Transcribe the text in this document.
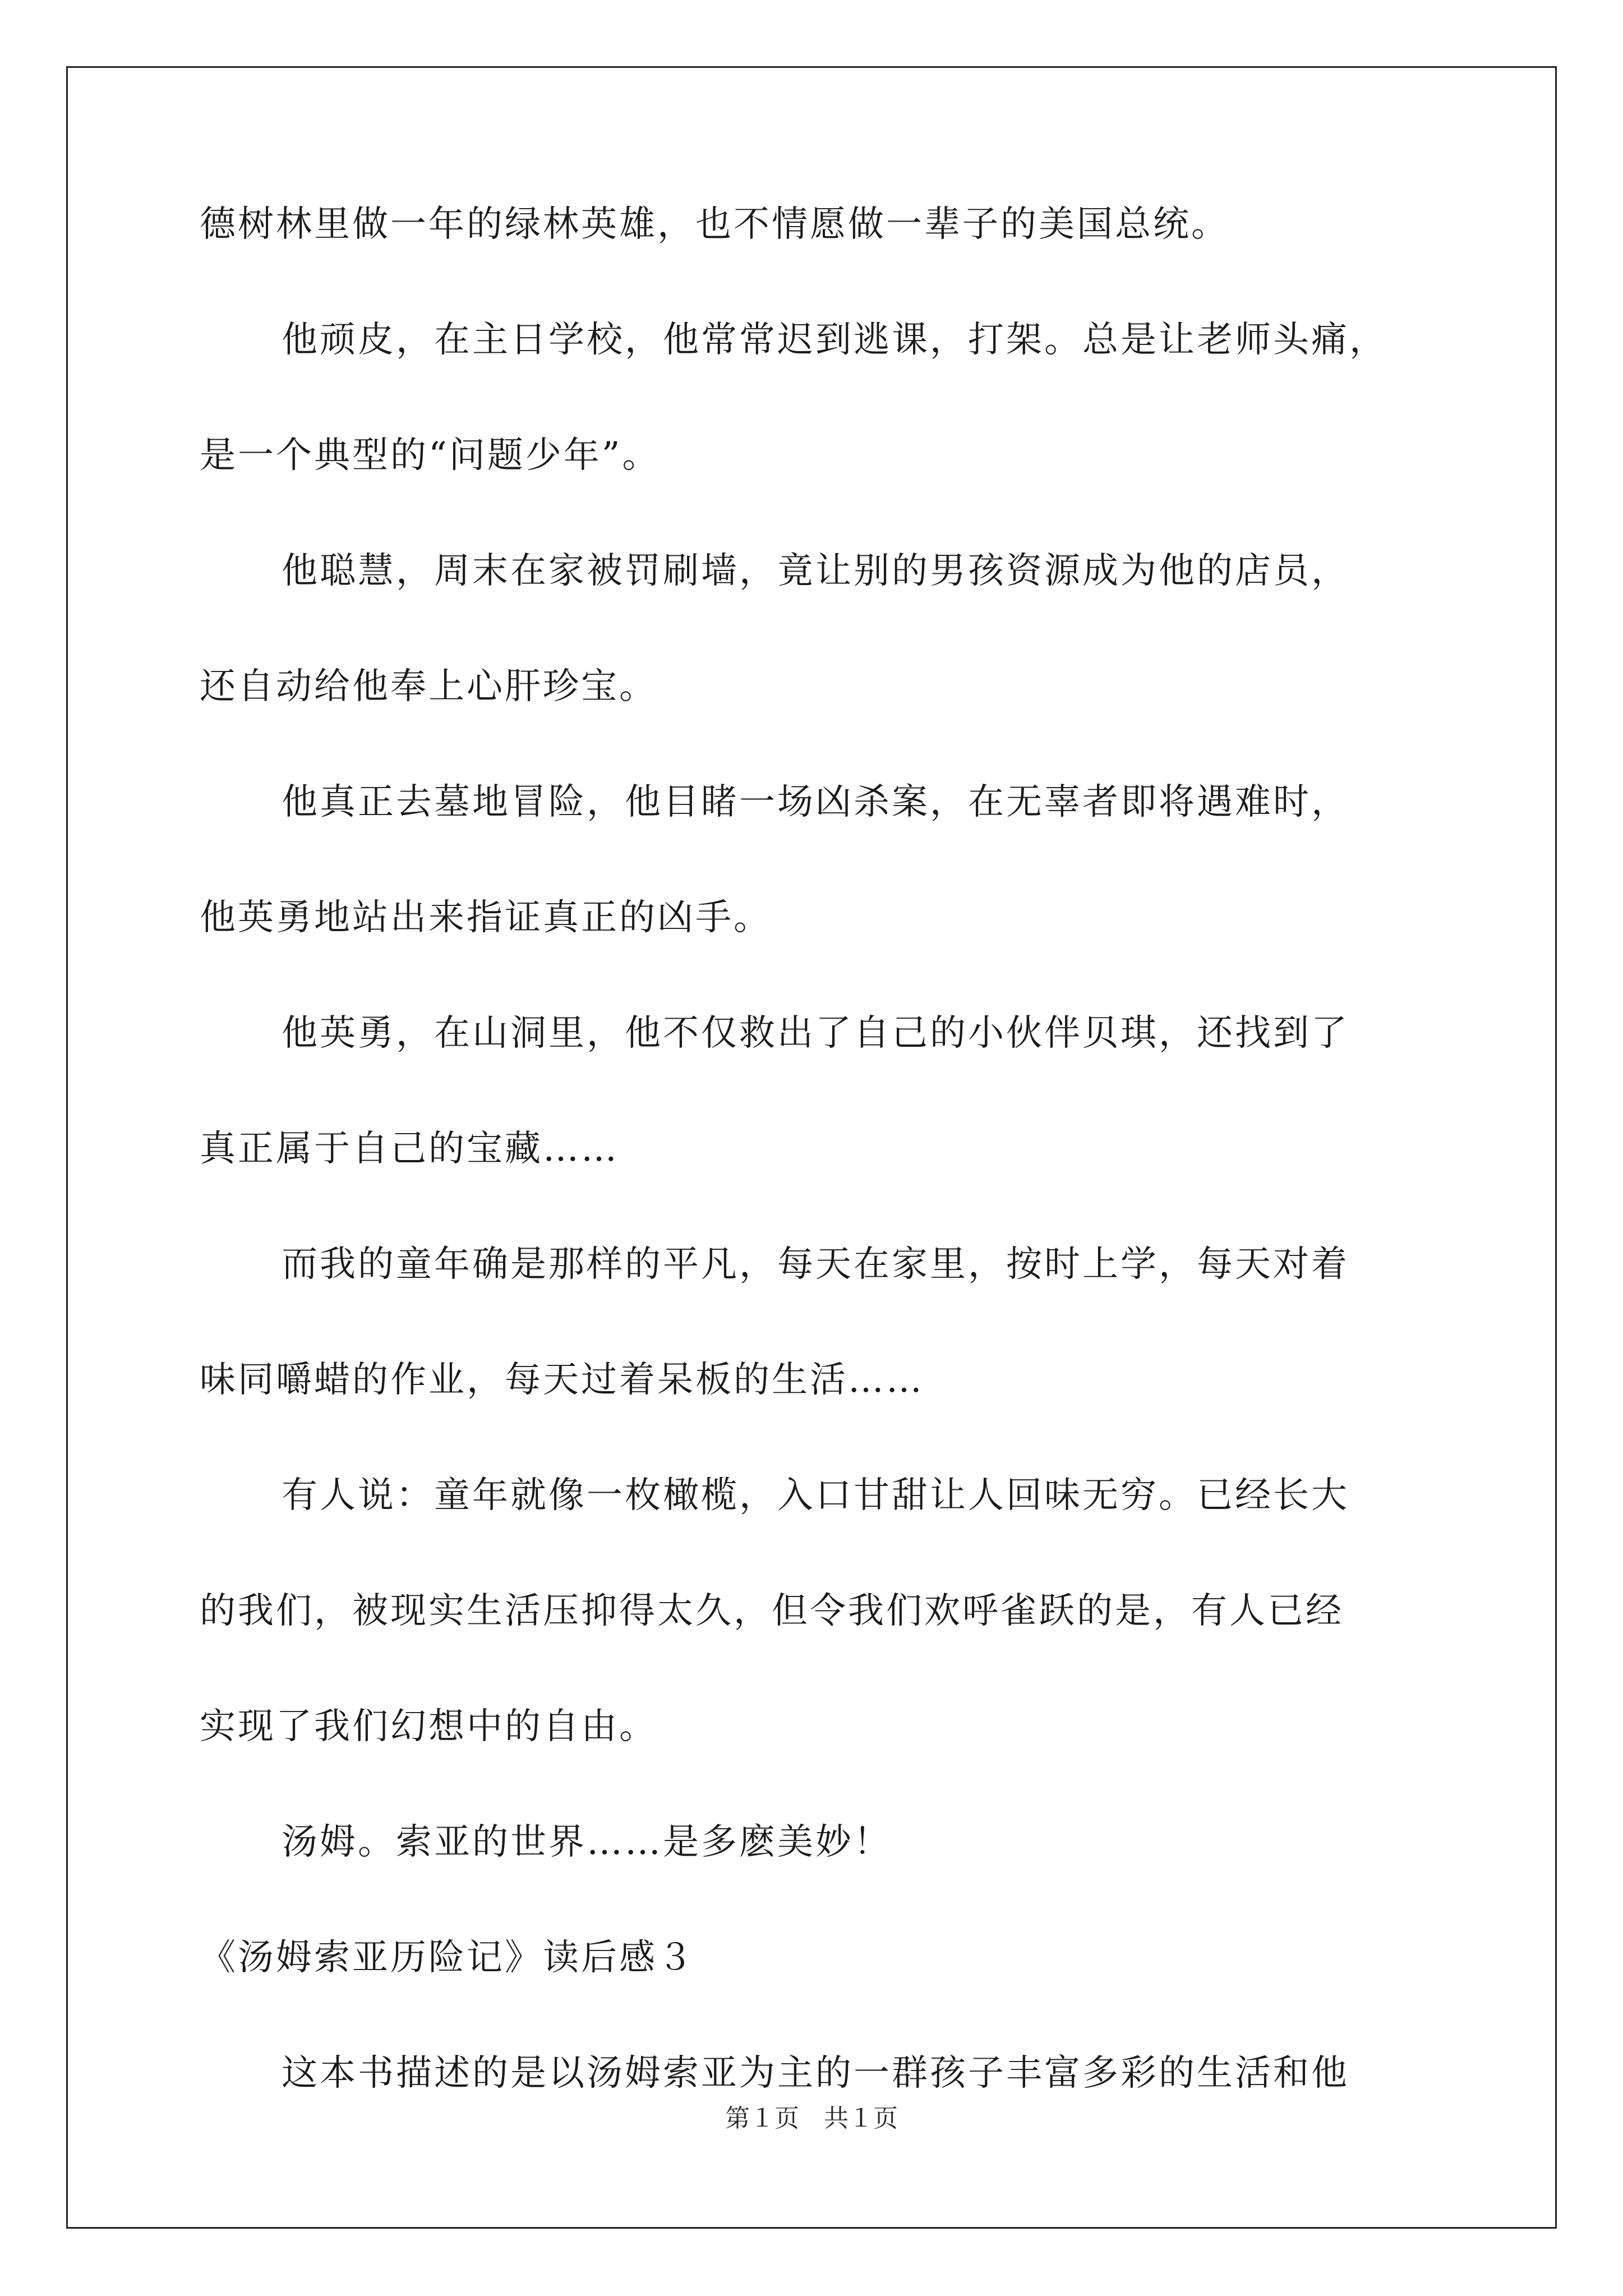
德树林里做一年的绿林英雄，也不情愿做一辈子的美国总统。

他顽皮，在主日学校，他常常迟到逃课，打架。总是让老师头痛，

是一个典型的“问题少年”。

他聪慧，周末在家被罚刷墙，竟让别的男孩资源成为他的店员，

还自动给他奉上心肝珍宝。

他真正去墓地冒险，他目睹一场凶杀案，在无辜者即将遇难时，

他英勇地站出来指证真正的凶手。

他英勇，在山洞里，他不仅救出了自己的小伙伴贝琪，还找到了

真正属于自己的宝藏……

而我的童年确是那样的平凡，每天在家里，按时上学，每天对着

味同嚼蜡的作业，每天过着呆板的生活……

有人说：童年就像一枚橄榄，入口甘甜让人回味无穷。已经长大

的我们，被现实生活压抑得太久，但令我们欢呼雀跃的是，有人已经

实现了我们幻想中的自由。

汤姆。索亚的世界……是多麽美妙！

《汤姆索亚历险记》读后感３

这本书描述的是以汤姆索亚为主的一群孩子丰富多彩的生活和他

第１页　共１页
